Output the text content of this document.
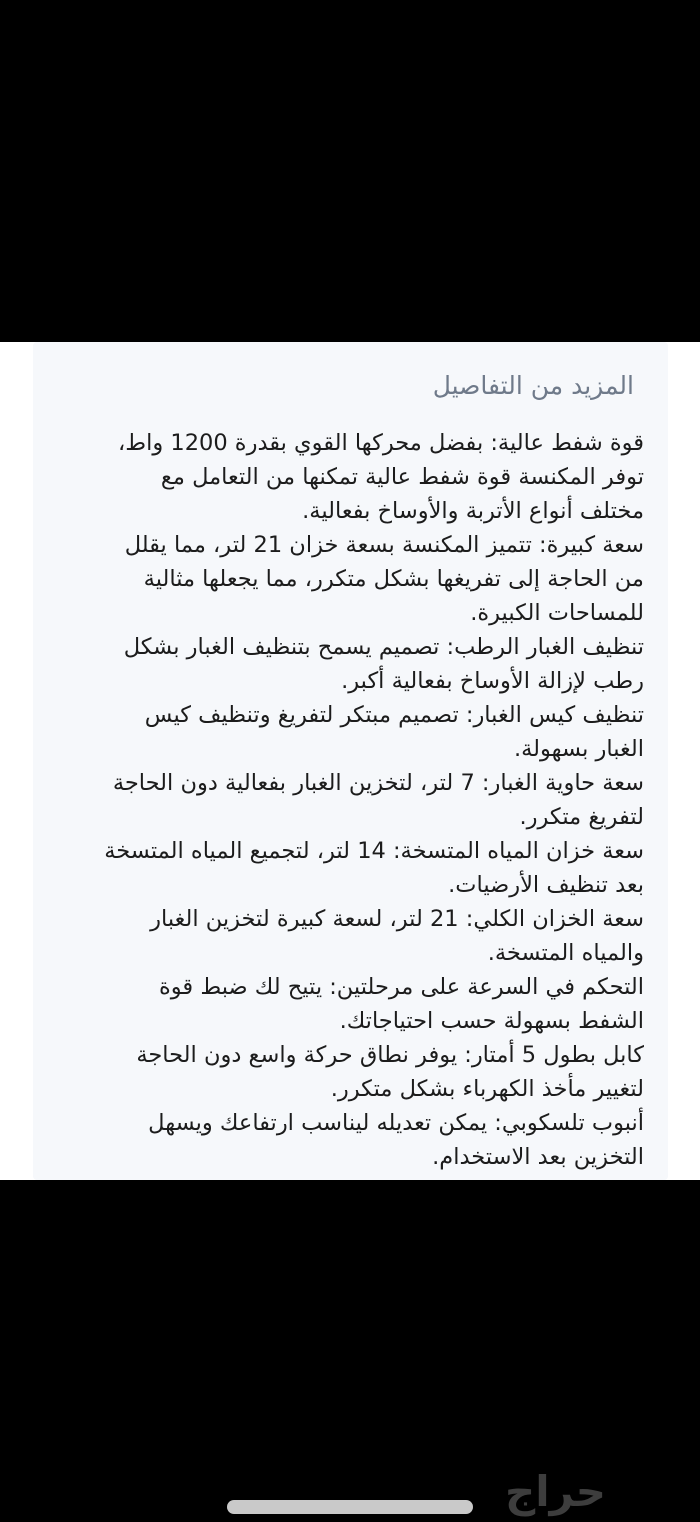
المزيد من التفاصيل
قوة شفط عالية: بفضل محركها القوي بقدرة 1200 واط،
توفر المكنسة قوة شفط عالية تمكنها من التعامل مع
مختلف أنواع الأتربة والأوساخ بفعالية.
سعة كبيرة: تتميز المكنسة بسعة خزان 21 لتر، مما يقلل
من الحاجة إلى تفريغها بشكل متكرر، مما يجعلها مثالية
للمساحات الكبيرة.
تنظيف الغبار الرطب: تصميم يسمح بتنظيف الغبار بشكل
رطب لإزالة الأوساخ بفعالية أكبر.
تنظيف كيس الغبار: تصميم مبتكر لتفريغ وتنظيف كيس
الغبار بسهولة.
سعة حاوية الغبار: 7 لتر، لتخزين الغبار بفعالية دون الحاجة
لتفريغ متكرر.
سعة خزان المياه المتسخة: 14 لتر، لتجميع المياه المتسخة
بعد تنظيف الأرضيات.
سعة الخزان الكلي: 21 لتر، لسعة كبيرة لتخزين الغبار
والمياه المتسخة.
التحكم في السرعة على مرحلتين: يتيح لك ضبط قوة
الشفط بسهولة حسب احتياجاتك.
كابل بطول 5 أمتار: يوفر نطاق حركة واسع دون الحاجة
لتغيير مأخذ الكهرباء بشكل متكرر.
أنبوب تلسكوبي: يمكن تعديله ليناسب ارتفاعك ويسهل
التخزين بعد الاستخدام.
حراج
